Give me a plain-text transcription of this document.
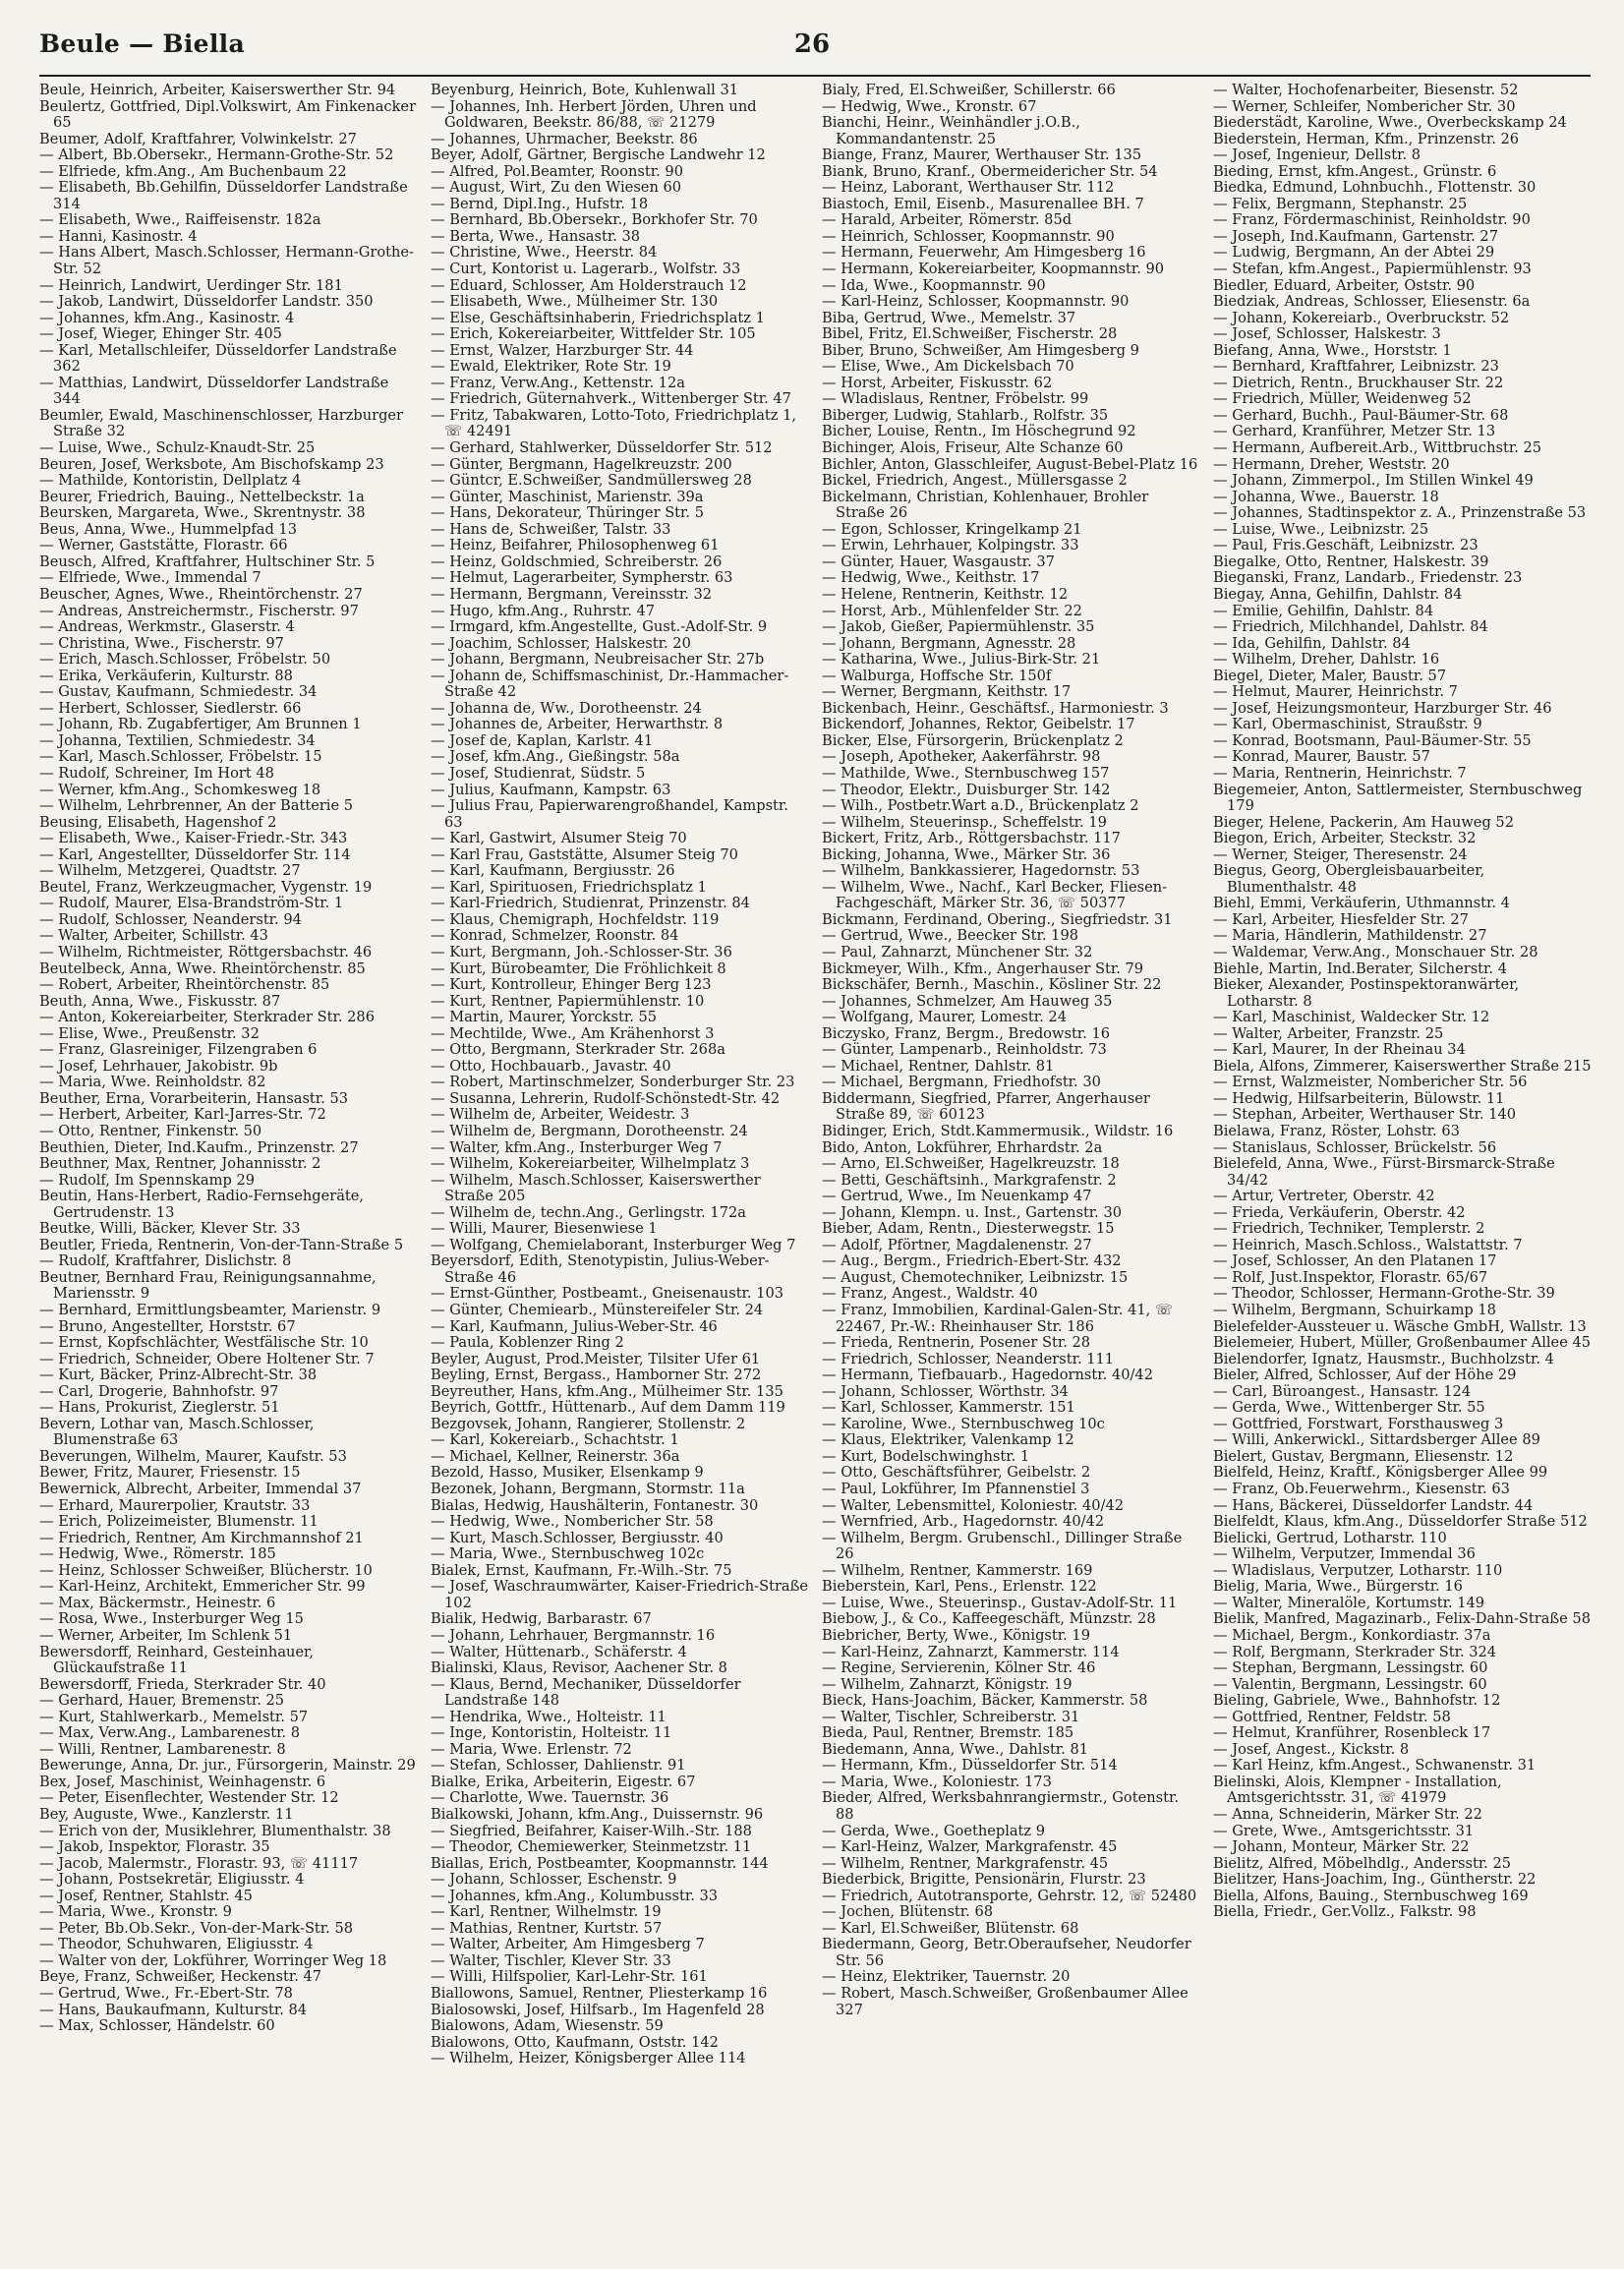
Beule — Biella	26
Beule, Heinrich, Arbeiter, Kaiserswerther Str. 94
Beulertz, Gottfried, Dipl.Volkswirt, Am Finkenacker 65
Beumer, Adolf, Kraftfahrer, Volwinkelstr. 27
— Albert, Bb.Obersekr., Hermann-Grothe-Str. 52
— Elfriede, kfm.Ang., Am Buchenbaum 22
— Elisabeth, Bb.Gehilfin, Düsseldorfer Landstraße 314
— Elisabeth, Wwe., Raiffeisenstr. 182a
— Hanni, Kasinostr. 4
— Hans Albert, Masch.Schlosser, Hermann-Grothe-Str. 52
— Heinrich, Landwirt, Uerdinger Str. 181
— Jakob, Landwirt, Düsseldorfer Landstr. 350
— Johannes, kfm.Ang., Kasinostr. 4
— Josef, Wieger, Ehinger Str. 405
— Karl, Metallschleifer, Düsseldorfer Landstraße 362
— Matthias, Landwirt, Düsseldorfer Landstraße 344
Beumler, Ewald, Maschinenschlosser, Harzburger Straße 32
— Luise, Wwe., Schulz-Knaudt-Str. 25
Beuren, Josef, Werksbote, Am Bischofskamp 23
— Mathilde, Kontoristin, Dellplatz 4
Beurer, Friedrich, Bauing., Nettelbeckstr. 1a
Beursken, Margareta, Wwe., Skrentnystr. 38
Beus, Anna, Wwe., Hummelpfad 13
— Werner, Gaststätte, Florastr. 66
Beusch, Alfred, Kraftfahrer, Hultschiner Str. 5
— Elfriede, Wwe., Immendal 7
Beuscher, Agnes, Wwe., Rheintörchenstr. 27
— Andreas, Anstreichermstr., Fischerstr. 97
— Andreas, Werkmstr., Glaserstr. 4
— Christina, Wwe., Fischerstr. 97
— Erich, Masch.Schlosser, Fröbelstr. 50
— Erika, Verkäuferin, Kulturstr. 88
— Gustav, Kaufmann, Schmiedestr. 34
— Herbert, Schlosser, Siedlerstr. 66
— Johann, Rb. Zugabfertiger, Am Brunnen 1
— Johanna, Textilien, Schmiedestr. 34
— Karl, Masch.Schlosser, Fröbelstr. 15
— Rudolf, Schreiner, Im Hort 48
— Werner, kfm.Ang., Schomkesweg 18
— Wilhelm, Lehrbrenner, An der Batterie 5
Beusing, Elisabeth, Hagenshof 2
— Elisabeth, Wwe., Kaiser-Friedr.-Str. 343
— Karl, Angestellter, Düsseldorfer Str. 114
— Wilhelm, Metzgerei, Quadtstr. 27
Beutel, Franz, Werkzeugmacher, Vygenstr. 19
— Rudolf, Maurer, Elsa-Brandström-Str. 1
— Rudolf, Schlosser, Neanderstr. 94
— Walter, Arbeiter, Schillstr. 43
— Wilhelm, Richtmeister, Röttgersbachstr. 46
Beutelbeck, Anna, Wwe. Rheintörchenstr. 85
— Robert, Arbeiter, Rheintörchenstr. 85
Beuth, Anna, Wwe., Fiskusstr. 87
— Anton, Kokereiarbeiter, Sterkrader Str. 286
— Elise, Wwe., Preußenstr. 32
— Franz, Glasreiniger, Filzengraben 6
— Josef, Lehrhauer, Jakobistr. 9b
— Maria, Wwe. Reinholdstr. 82
Beuther, Erna, Vorarbeiterin, Hansastr. 53
— Herbert, Arbeiter, Karl-Jarres-Str. 72
— Otto, Rentner, Finkenstr. 50
Beuthien, Dieter, Ind.Kaufm., Prinzenstr. 27
Beuthner, Max, Rentner, Johannisstr. 2
— Rudolf, Im Spennskamp 29
Beutin, Hans-Herbert, Radio-Fernsehgeräte, Gertrudenstr. 13
Beutke, Willi, Bäcker, Klever Str. 33
Beutler, Frieda, Rentnerin, Von-der-Tann-Straße 5
— Rudolf, Kraftfahrer, Dislichstr. 8
Beutner, Bernhard Frau, Reinigungsannahme, Mariensstr. 9
— Bernhard, Ermittlungsbeamter, Marienstr. 9
— Bruno, Angestellter, Horststr. 67
— Ernst, Kopfschlächter, Westfälische Str. 10
— Friedrich, Schneider, Obere Holtener Str. 7
— Kurt, Bäcker, Prinz-Albrecht-Str. 38
— Carl, Drogerie, Bahnhofstr. 97
— Hans, Prokurist, Zieglerstr. 51
Bevern, Lothar van, Masch.Schlosser, Blumenstraße 63
Beverungen, Wilhelm, Maurer, Kaufstr. 53
Bewer, Fritz, Maurer, Friesenstr. 15
Bewernick, Albrecht, Arbeiter, Immendal 37
— Erhard, Maurerpolier, Krautstr. 33
— Erich, Polizeimeister, Blumenstr. 11
— Friedrich, Rentner, Am Kirchmannshof 21
— Hedwig, Wwe., Römerstr. 185
— Heinz, Schlosser Schweißer, Blücherstr. 10
— Karl-Heinz, Architekt, Emmericher Str. 99
— Max, Bäckermstr., Heinestr. 6
— Rosa, Wwe., Insterburger Weg 15
— Werner, Arbeiter, Im Schlenk 51
Bewersdorff, Reinhard, Gesteinhauer, Glückaufstraße 11
Bewersdorff, Frieda, Sterkrader Str. 40
— Gerhard, Hauer, Bremenstr. 25
— Kurt, Stahlwerkarb., Memelstr. 57
— Max, Verw.Ang., Lambarenestr. 8
— Willi, Rentner, Lambarenestr. 8
Bewerunge, Anna, Dr. jur., Fürsorgerin, Mainstr. 29
Bex, Josef, Maschinist, Weinhagenstr. 6
— Peter, Eisenflechter, Westender Str. 12
Bey, Auguste, Wwe., Kanzlerstr. 11
— Erich von der, Musiklehrer, Blumenthalstr. 38
— Jakob, Inspektor, Florastr. 35
— Jacob, Malermstr., Florastr. 93, ☏ 41117
— Johann, Postsekretär, Eligiusstr. 4
— Josef, Rentner, Stahlstr. 45
— Maria, Wwe., Kronstr. 9
— Peter, Bb.Ob.Sekr., Von-der-Mark-Str. 58
— Theodor, Schuhwaren, Eligiusstr. 4
— Walter von der, Lokführer, Worringer Weg 18
Beye, Franz, Schweißer, Heckenstr. 47
— Gertrud, Wwe., Fr.-Ebert-Str. 78
— Hans, Baukaufmann, Kulturstr. 84
— Max, Schlosser, Händelstr. 60
Beyenburg, Heinrich, Bote, Kuhlenwall 31
— Johannes, Inh. Herbert Jörden, Uhren und Goldwaren, Beekstr. 86/88, ☏ 21279
— Johannes, Uhrmacher, Beekstr. 86
Beyer, Adolf, Gärtner, Bergische Landwehr 12
— Alfred, Pol.Beamter, Roonstr. 90
— August, Wirt, Zu den Wiesen 60
— Bernd, Dipl.Ing., Hufstr. 18
— Bernhard, Bb.Obersekr., Borkhofer Str. 70
— Berta, Wwe., Hansastr. 38
— Christine, Wwe., Heerstr. 84
— Curt, Kontorist u. Lagerarb., Wolfstr. 33
— Eduard, Schlosser, Am Holderstrauch 12
— Elisabeth, Wwe., Mülheimer Str. 130
— Else, Geschäftsinhaberin, Friedrichsplatz 1
— Erich, Kokereiarbeiter, Wittfelder Str. 105
— Ernst, Walzer, Harzburger Str. 44
— Ewald, Elektriker, Rote Str. 19
— Franz, Verw.Ang., Kettenstr. 12a
— Friedrich, Güternahverk., Wittenberger Str. 47
— Fritz, Tabakwaren, Lotto-Toto, Friedrichplatz 1, ☏ 42491
— Gerhard, Stahlwerker, Düsseldorfer Str. 512
— Günter, Bergmann, Hagelkreuzstr. 200
— Güntcr, E.Schweißer, Sandmüllersweg 28
— Günter, Maschinist, Marienstr. 39a
— Hans, Dekorateur, Thüringer Str. 5
— Hans de, Schweißer, Talstr. 33
— Heinz, Beifahrer, Philosophenweg 61
— Heinz, Goldschmied, Schreiberstr. 26
— Helmut, Lagerarbeiter, Sympherstr. 63
— Hermann, Bergmann, Vereinsstr. 32
— Hugo, kfm.Ang., Ruhrstr. 47
— Irmgard, kfm.Angestellte, Gust.-Adolf-Str. 9
— Joachim, Schlosser, Halskestr. 20
— Johann, Bergmann, Neubreisacher Str. 27b
— Johann de, Schiffsmaschinist, Dr.-Hammacher-Straße 42
— Johanna de, Ww., Dorotheenstr. 24
— Johannes de, Arbeiter, Herwarthstr. 8
— Josef de, Kaplan, Karlstr. 41
— Josef, kfm.Ang., Gießingstr. 58a
— Josef, Studienrat, Südstr. 5
— Julius, Kaufmann, Kampstr. 63
— Julius Frau, Papierwarengroßhandel, Kampstr. 63
— Karl, Gastwirt, Alsumer Steig 70
— Karl Frau, Gaststätte, Alsumer Steig 70
— Karl, Kaufmann, Bergiusstr. 26
— Karl, Spirituosen, Friedrichsplatz 1
— Karl-Friedrich, Studienrat, Prinzenstr. 84
— Klaus, Chemigraph, Hochfeldstr. 119
— Konrad, Schmelzer, Roonstr. 84
— Kurt, Bergmann, Joh.-Schlosser-Str. 36
— Kurt, Bürobeamter, Die Fröhlichkeit 8
— Kurt, Kontrolleur, Ehinger Berg 123
— Kurt, Rentner, Papiermühlenstr. 10
— Martin, Maurer, Yorckstr. 55
— Mechtilde, Wwe., Am Krähenhorst 3
— Otto, Bergmann, Sterkrader Str. 268a
— Otto, Hochbauarb., Javastr. 40
— Robert, Martinschmelzer, Sonderburger Str. 23
— Susanna, Lehrerin, Rudolf-Schönstedt-Str. 42
— Wilhelm de, Arbeiter, Weidestr. 3
— Wilhelm de, Bergmann, Dorotheenstr. 24
— Walter, kfm.Ang., Insterburger Weg 7
— Wilhelm, Kokereiarbeiter, Wilhelmplatz 3
— Wilhelm, Masch.Schlosser, Kaiserswerther Straße 205
— Wilhelm de, techn.Ang., Gerlingstr. 172a
— Willi, Maurer, Biesenwiese 1
— Wolfgang, Chemielaborant, Insterburger Weg 7
Beyersdorf, Edith, Stenotypistin, Julius-Weber-Straße 46
— Ernst-Günther, Postbeamt., Gneisenaustr. 103
— Günter, Chemiearb., Münstereifeler Str. 24
— Karl, Kaufmann, Julius-Weber-Str. 46
— Paula, Koblenzer Ring 2
Beyler, August, Prod.Meister, Tilsiter Ufer 61
Beyling, Ernst, Bergass., Hamborner Str. 272
Beyreuther, Hans, kfm.Ang., Mülheimer Str. 135
Beyrich, Gottfr., Hüttenarb., Auf dem Damm 119
Bezgovsek, Johann, Rangierer, Stollenstr. 2
— Karl, Kokereiarb., Schachtstr. 1
— Michael, Kellner, Reinerstr. 36a
Bezold, Hasso, Musiker, Elsenkamp 9
Bezonek, Johann, Bergmann, Stormstr. 11a
Bialas, Hedwig, Haushälterin, Fontanestr. 30
— Hedwig, Wwe., Nombericher Str. 58
— Kurt, Masch.Schlosser, Bergiusstr. 40
— Maria, Wwe., Sternbuschweg 102c
Bialek, Ernst, Kaufmann, Fr.-Wilh.-Str. 75
— Josef, Waschraumwärter, Kaiser-Friedrich-Straße 102
Bialik, Hedwig, Barbarastr. 67
— Johann, Lehrhauer, Bergmannstr. 16
— Walter, Hüttenarb., Schäferstr. 4
Bialinski, Klaus, Revisor, Aachener Str. 8
— Klaus, Bernd, Mechaniker, Düsseldorfer Landstraße 148
— Hendrika, Wwe., Holteistr. 11
— Inge, Kontoristin, Holteistr. 11
— Maria, Wwe. Erlenstr. 72
— Stefan, Schlosser, Dahlienstr. 91
Bialke, Erika, Arbeiterin, Eigestr. 67
— Charlotte, Wwe. Tauernstr. 36
Bialkowski, Johann, kfm.Ang., Duissernstr. 96
— Siegfried, Beifahrer, Kaiser-Wilh.-Str. 188
— Theodor, Chemiewerker, Steinmetzstr. 11
Biallas, Erich, Postbeamter, Koopmannstr. 144
— Johann, Schlosser, Eschenstr. 9
— Johannes, kfm.Ang., Kolumbusstr. 33
— Karl, Rentner, Wilhelmstr. 19
— Mathias, Rentner, Kurtstr. 57
— Walter, Arbeiter, Am Himgesberg 7
— Walter, Tischler, Klever Str. 33
— Willi, Hilfspolier, Karl-Lehr-Str. 161
Biallowons, Samuel, Rentner, Pliesterkamp 16
Bialosowski, Josef, Hilfsarb., Im Hagenfeld 28
Bialowons, Adam, Wiesenstr. 59
Bialowons, Otto, Kaufmann, Oststr. 142
— Wilhelm, Heizer, Königsberger Allee 114
Bialy, Fred, El.Schweißer, Schillerstr. 66
— Hedwig, Wwe., Kronstr. 67
Bianchi, Heinr., Weinhändler j.O.B., Kommandantenstr. 25
Biange, Franz, Maurer, Werthauser Str. 135
Biank, Bruno, Kranf., Obermeidericher Str. 54
— Heinz, Laborant, Werthauser Str. 112
Biastoch, Emil, Eisenb., Masurenallee BH. 7
— Harald, Arbeiter, Römerstr. 85d
— Heinrich, Schlosser, Koopmannstr. 90
— Hermann, Feuerwehr, Am Himgesberg 16
— Hermann, Kokereiarbeiter, Koopmannstr. 90
— Ida, Wwe., Koopmannstr. 90
— Karl-Heinz, Schlosser, Koopmannstr. 90
Biba, Gertrud, Wwe., Memelstr. 37
Bibel, Fritz, El.Schweißer, Fischerstr. 28
Biber, Bruno, Schweißer, Am Himgesberg 9
— Elise, Wwe., Am Dickelsbach 70
— Horst, Arbeiter, Fiskusstr. 62
— Wladislaus, Rentner, Fröbelstr. 99
Biberger, Ludwig, Stahlarb., Rolfstr. 35
Bicher, Louise, Rentn., Im Höschegrund 92
Bichinger, Alois, Friseur, Alte Schanze 60
Bichler, Anton, Glasschleifer, August-Bebel-Platz 16
Bickel, Friedrich, Angest., Müllersgasse 2
Bickelmann, Christian, Kohlenhauer, Brohler Straße 26
— Egon, Schlosser, Kringelkamp 21
— Erwin, Lehrhauer, Kolpingstr. 33
— Günter, Hauer, Wasgaustr. 37
— Hedwig, Wwe., Keithstr. 17
— Helene, Rentnerin, Keithstr. 12
— Horst, Arb., Mühlenfelder Str. 22
— Jakob, Gießer, Papiermühlenstr. 35
— Johann, Bergmann, Agnesstr. 28
— Katharina, Wwe., Julius-Birk-Str. 21
— Walburga, Hoffsche Str. 150f
— Werner, Bergmann, Keithstr. 17
Bickenbach, Heinr., Geschäftsf., Harmoniestr. 3
Bickendorf, Johannes, Rektor, Geibelstr. 17
Bicker, Else, Fürsorgerin, Brückenplatz 2
— Joseph, Apotheker, Aakerfährstr. 98
— Mathilde, Wwe., Sternbuschweg 157
— Theodor, Elektr., Duisburger Str. 142
— Wilh., Postbetr.Wart a.D., Brückenplatz 2
— Wilhelm, Steuerinsp., Scheffelstr. 19
Bickert, Fritz, Arb., Röttgersbachstr. 117
Bicking, Johanna, Wwe., Märker Str. 36
— Wilhelm, Bankkassierer, Hagedornstr. 53
— Wilhelm, Wwe., Nachf., Karl Becker, Fliesen-Fachgeschäft, Märker Str. 36, ☏ 50377
Bickmann, Ferdinand, Obering., Siegfriedstr. 31
— Gertrud, Wwe., Beecker Str. 198
— Paul, Zahnarzt, Münchener Str. 32
Bickmeyer, Wilh., Kfm., Angerhauser Str. 79
Bickschäfer, Bernh., Maschin., Kösliner Str. 22
— Johannes, Schmelzer, Am Hauweg 35
— Wolfgang, Maurer, Lomestr. 24
Biczysko, Franz, Bergm., Bredowstr. 16
— Günter, Lampenarb., Reinholdstr. 73
— Michael, Rentner, Dahlstr. 81
— Michael, Bergmann, Friedhofstr. 30
Biddermann, Siegfried, Pfarrer, Angerhauser Straße 89, ☏ 60123
Bidinger, Erich, Stdt.Kammermusik., Wildstr. 16
Bido, Anton, Lokführer, Ehrhardstr. 2a
— Arno, El.Schweißer, Hagelkreuzstr. 18
— Betti, Geschäftsinh., Markgrafenstr. 2
— Gertrud, Wwe., Im Neuenkamp 47
— Johann, Klempn. u. Inst., Gartenstr. 30
Bieber, Adam, Rentn., Diesterwegstr. 15
— Adolf, Pförtner, Magdalenenstr. 27
— Aug., Bergm., Friedrich-Ebert-Str. 432
— August, Chemotechniker, Leibnizstr. 15
— Franz, Angest., Waldstr. 40
— Franz, Immobilien, Kardinal-Galen-Str. 41, ☏ 22467, Pr.-W.: Rheinhauser Str. 186
— Frieda, Rentnerin, Posener Str. 28
— Friedrich, Schlosser, Neanderstr. 111
— Hermann, Tiefbauarb., Hagedornstr. 40/42
— Johann, Schlosser, Wörthstr. 34
— Karl, Schlosser, Kammerstr. 151
— Karoline, Wwe., Sternbuschweg 10c
— Klaus, Elektriker, Valenkamp 12
— Kurt, Bodelschwinghstr. 1
— Otto, Geschäftsführer, Geibelstr. 2
— Paul, Lokführer, Im Pfannenstiel 3
— Walter, Lebensmittel, Koloniestr. 40/42
— Wernfried, Arb., Hagedornstr. 40/42
— Wilhelm, Bergm. Grubenschl., Dillinger Straße 26
— Wilhelm, Rentner, Kammerstr. 169
Bieberstein, Karl, Pens., Erlenstr. 122
— Luise, Wwe., Steuerinsp., Gustav-Adolf-Str. 11
Biebow, J., & Co., Kaffeegeschäft, Münzstr. 28
Biebricher, Berty, Wwe., Königstr. 19
— Karl-Heinz, Zahnarzt, Kammerstr. 114
— Regine, Servierenin, Kölner Str. 46
— Wilhelm, Zahnarzt, Königstr. 19
Bieck, Hans-Joachim, Bäcker, Kammerstr. 58
— Walter, Tischler, Schreiberstr. 31
Bieda, Paul, Rentner, Bremstr. 185
Biedemann, Anna, Wwe., Dahlstr. 81
— Hermann, Kfm., Düsseldorfer Str. 514
— Maria, Wwe., Koloniestr. 173
Bieder, Alfred, Werksbahnrangiermstr., Gotenstr. 88
— Gerda, Wwe., Goetheplatz 9
— Karl-Heinz, Walzer, Markgrafenstr. 45
— Wilhelm, Rentner, Markgrafenstr. 45
Biederbick, Brigitte, Pensionärin, Flurstr. 23
— Friedrich, Autotransporte, Gehrstr. 12, ☏ 52480
— Jochen, Blütenstr. 68
— Karl, El.Schweißer, Blütenstr. 68
Biedermann, Georg, Betr.Oberaufseher, Neudorfer Str. 56
— Heinz, Elektriker, Tauernstr. 20
— Robert, Masch.Schweißer, Großenbaumer Allee 327
— Walter, Hochofenarbeiter, Biesenstr. 52
— Werner, Schleifer, Nombericher Str. 30
Biederstädt, Karoline, Wwe., Overbeckskamp 24
Biederstein, Herman, Kfm., Prinzenstr. 26
— Josef, Ingenieur, Dellstr. 8
Bieding, Ernst, kfm.Angest., Grünstr. 6
Biedka, Edmund, Lohnbuchh., Flottenstr. 30
— Felix, Bergmann, Stephanstr. 25
— Franz, Fördermaschinist, Reinholdstr. 90
— Joseph, Ind.Kaufmann, Gartenstr. 27
— Ludwig, Bergmann, An der Abtei 29
— Stefan, kfm.Angest., Papiermühlenstr. 93
Biedler, Eduard, Arbeiter, Oststr. 90
Biedziak, Andreas, Schlosser, Eliesenstr. 6a
— Johann, Kokereiarb., Overbruckstr. 52
— Josef, Schlosser, Halskestr. 3
Biefang, Anna, Wwe., Horststr. 1
— Bernhard, Kraftfahrer, Leibnizstr. 23
— Dietrich, Rentn., Bruckhauser Str. 22
— Friedrich, Müller, Weidenweg 52
— Gerhard, Buchh., Paul-Bäumer-Str. 68
— Gerhard, Kranführer, Metzer Str. 13
— Hermann, Aufbereit.Arb., Wittbruchstr. 25
— Hermann, Dreher, Weststr. 20
— Johann, Zimmerpol., Im Stillen Winkel 49
— Johanna, Wwe., Bauerstr. 18
— Johannes, Stadtinspektor z. A., Prinzenstraße 53
— Luise, Wwe., Leibnizstr. 25
— Paul, Fris.Geschäft, Leibnizstr. 23
Biegalke, Otto, Rentner, Halskestr. 39
Bieganski, Franz, Landarb., Friedenstr. 23
Biegay, Anna, Gehilfin, Dahlstr. 84
— Emilie, Gehilfin, Dahlstr. 84
— Friedrich, Milchhandel, Dahlstr. 84
— Ida, Gehilfin, Dahlstr. 84
— Wilhelm, Dreher, Dahlstr. 16
Biegel, Dieter, Maler, Baustr. 57
— Helmut, Maurer, Heinrichstr. 7
— Josef, Heizungsmonteur, Harzburger Str. 46
— Karl, Obermaschinist, Straußstr. 9
— Konrad, Bootsmann, Paul-Bäumer-Str. 55
— Konrad, Maurer, Baustr. 57
— Maria, Rentnerin, Heinrichstr. 7
Biegemeier, Anton, Sattlermeister, Sternbuschweg 179
Bieger, Helene, Packerin, Am Hauweg 52
Biegon, Erich, Arbeiter, Steckstr. 32
— Werner, Steiger, Theresenstr. 24
Biegus, Georg, Obergleisbauarbeiter, Blumenthalstr. 48
Biehl, Emmi, Verkäuferin, Uthmannstr. 4
— Karl, Arbeiter, Hiesfelder Str. 27
— Maria, Händlerin, Mathildenstr. 27
— Waldemar, Verw.Ang., Monschauer Str. 28
Biehle, Martin, Ind.Berater, Silcherstr. 4
Bieker, Alexander, Postinspektoranwärter, Lotharstr. 8
— Karl, Maschinist, Waldecker Str. 12
— Walter, Arbeiter, Franzstr. 25
— Karl, Maurer, In der Rheinau 34
Biela, Alfons, Zimmerer, Kaiserswerther Straße 215
— Ernst, Walzmeister, Nombericher Str. 56
— Hedwig, Hilfsarbeiterin, Bülowstr. 11
— Stephan, Arbeiter, Werthauser Str. 140
Bielawa, Franz, Röster, Lohstr. 63
— Stanislaus, Schlosser, Brückelstr. 56
Bielefeld, Anna, Wwe., Fürst-Birsmarck-Straße 34/42
— Artur, Vertreter, Oberstr. 42
— Frieda, Verkäuferin, Oberstr. 42
— Friedrich, Techniker, Templerstr. 2
— Heinrich, Masch.Schloss., Walstattstr. 7
— Josef, Schlosser, An den Platanen 17
— Rolf, Just.Inspektor, Florastr. 65/67
— Theodor, Schlosser, Hermann-Grothe-Str. 39
— Wilhelm, Bergmann, Schuirkamp 18
Bielefelder-Aussteuer u. Wäsche GmbH, Wallstr. 13
Bielemeier, Hubert, Müller, Großenbaumer Allee 45
Bielendorfer, Ignatz, Hausmstr., Buchholzstr. 4
Bieler, Alfred, Schlosser, Auf der Höhe 29
— Carl, Büroangest., Hansastr. 124
— Gerda, Wwe., Wittenberger Str. 55
— Gottfried, Forstwart, Forsthausweg 3
— Willi, Ankerwickl., Sittardsberger Allee 89
Bielert, Gustav, Bergmann, Eliesenstr. 12
Bielfeld, Heinz, Kraftf., Königsberger Allee 99
— Franz, Ob.Feuerwehrm., Kiesenstr. 63
— Hans, Bäckerei, Düsseldorfer Landstr. 44
Bielfeldt, Klaus, kfm.Ang., Düsseldorfer Straße 512
Bielicki, Gertrud, Lotharstr. 110
— Wilhelm, Verputzer, Immendal 36
— Wladislaus, Verputzer, Lotharstr. 110
Bielig, Maria, Wwe., Bürgerstr. 16
— Walter, Mineralöle, Kortumstr. 149
Bielik, Manfred, Magazinarb., Felix-Dahn-Straße 58
— Michael, Bergm., Konkordiastr. 37a
— Rolf, Bergmann, Sterkrader Str. 324
— Stephan, Bergmann, Lessingstr. 60
— Valentin, Bergmann, Lessingstr. 60
Bieling, Gabriele, Wwe., Bahnhofstr. 12
— Gottfried, Rentner, Feldstr. 58
— Helmut, Kranführer, Rosenbleck 17
— Josef, Angest., Kickstr. 8
— Karl Heinz, kfm.Angest., Schwanenstr. 31
Bielinski, Alois, Klempner - Installation, Amtsgerichtsstr. 31, ☏ 41979
— Anna, Schneiderin, Märker Str. 22
— Grete, Wwe., Amtsgerichtsstr. 31
— Johann, Monteur, Märker Str. 22
Bielitz, Alfred, Möbelhdlg., Andersstr. 25
Bielitzer, Hans-Joachim, Ing., Güntherstr. 22
Biella, Alfons, Bauing., Sternbuschweg 169
Biella, Friedr., Ger.Vollz., Falkstr. 98
